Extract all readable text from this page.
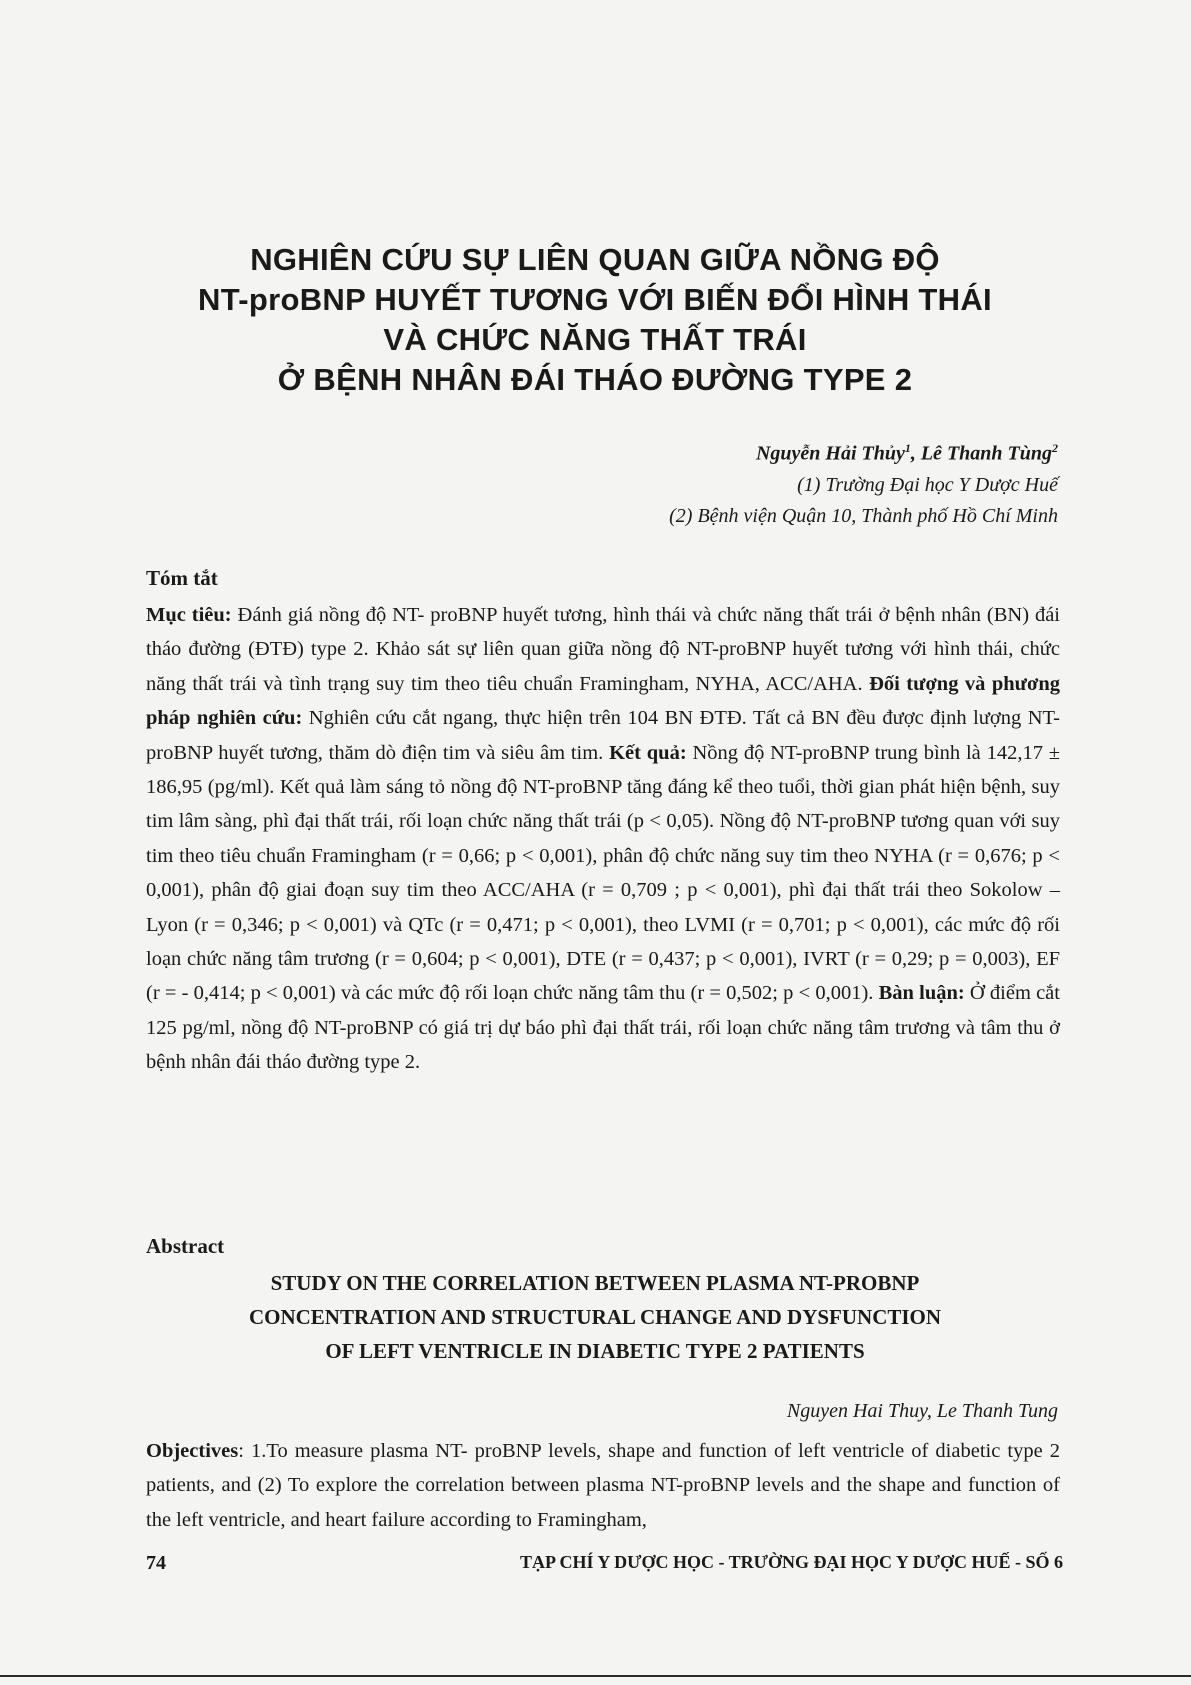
NGHIÊN CỨU SỰ LIÊN QUAN GIỮA NỒNG ĐỘ
NT-proBNP HUYẾT TƯƠNG VỚI BIẾN ĐỔI HÌNH THÁI
VÀ CHỨC NĂNG THẤT TRÁI
Ở BỆNH NHÂN ĐÁI THÁO ĐƯỜNG TYPE 2
Nguyễn Hải Thủy$^1$, Lê Thanh Tùng$^2$
(1) Trường Đại học Y Dược Huế
(2) Bệnh viện Quận 10, Thành phố Hồ Chí Minh
Tóm tắt
Mục tiêu: Đánh giá nồng độ NT- proBNP huyết tương, hình thái và chức năng thất trái ở bệnh nhân (BN) đái tháo đường (ĐTĐ) type 2. Khảo sát sự liên quan giữa nồng độ NT-proBNP huyết tương với hình thái, chức năng thất trái và tình trạng suy tim theo tiêu chuẩn Framingham, NYHA, ACC/AHA. Đối tượng và phương pháp nghiên cứu: Nghiên cứu cắt ngang, thực hiện trên 104 BN ĐTĐ. Tất cả BN đều được định lượng NT-proBNP huyết tương, thăm dò điện tim và siêu âm tim. Kết quả: Nồng độ NT-proBNP trung bình là 142,17 ± 186,95 (pg/ml). Kết quả làm sáng tỏ nồng độ NT-proBNP tăng đáng kể theo tuổi, thời gian phát hiện bệnh, suy tim lâm sàng, phì đại thất trái, rối loạn chức năng thất trái (p < 0,05). Nồng độ NT-proBNP tương quan với suy tim theo tiêu chuẩn Framingham (r = 0,66; p < 0,001), phân độ chức năng suy tim theo NYHA (r = 0,676; p < 0,001), phân độ giai đoạn suy tim theo ACC/AHA (r = 0,709 ; p < 0,001), phì đại thất trái theo Sokolow – Lyon (r = 0,346; p < 0,001) và QTc (r = 0,471; p < 0,001), theo LVMI (r = 0,701; p < 0,001), các mức độ rối loạn chức năng tâm trương (r = 0,604; p < 0,001), DTE (r = 0,437; p < 0,001), IVRT (r = 0,29; p = 0,003), EF (r = - 0,414; p < 0,001) và các mức độ rối loạn chức năng tâm thu (r = 0,502; p < 0,001). Bàn luận: Ở điểm cắt 125 pg/ml, nồng độ NT-proBNP có giá trị dự báo phì đại thất trái, rối loạn chức năng tâm trương và tâm thu ở bệnh nhân đái tháo đường type 2.
Abstract
STUDY ON THE CORRELATION BETWEEN PLASMA NT-PROBNP
CONCENTRATION AND STRUCTURAL CHANGE AND DYSFUNCTION
OF LEFT VENTRICLE IN DIABETIC TYPE 2 PATIENTS
Nguyen Hai Thuy, Le Thanh Tung
Objectives: 1.To measure plasma NT- proBNP levels, shape and function of left ventricle of diabetic type 2 patients, and (2) To explore the correlation between plasma NT-proBNP levels and the shape and function of the left ventricle, and heart failure according to Framingham,
74	TẠP CHÍ Y DƯỢC HỌC - TRƯỜNG ĐẠI HỌC Y DƯỢC HUẾ - SỐ 6
